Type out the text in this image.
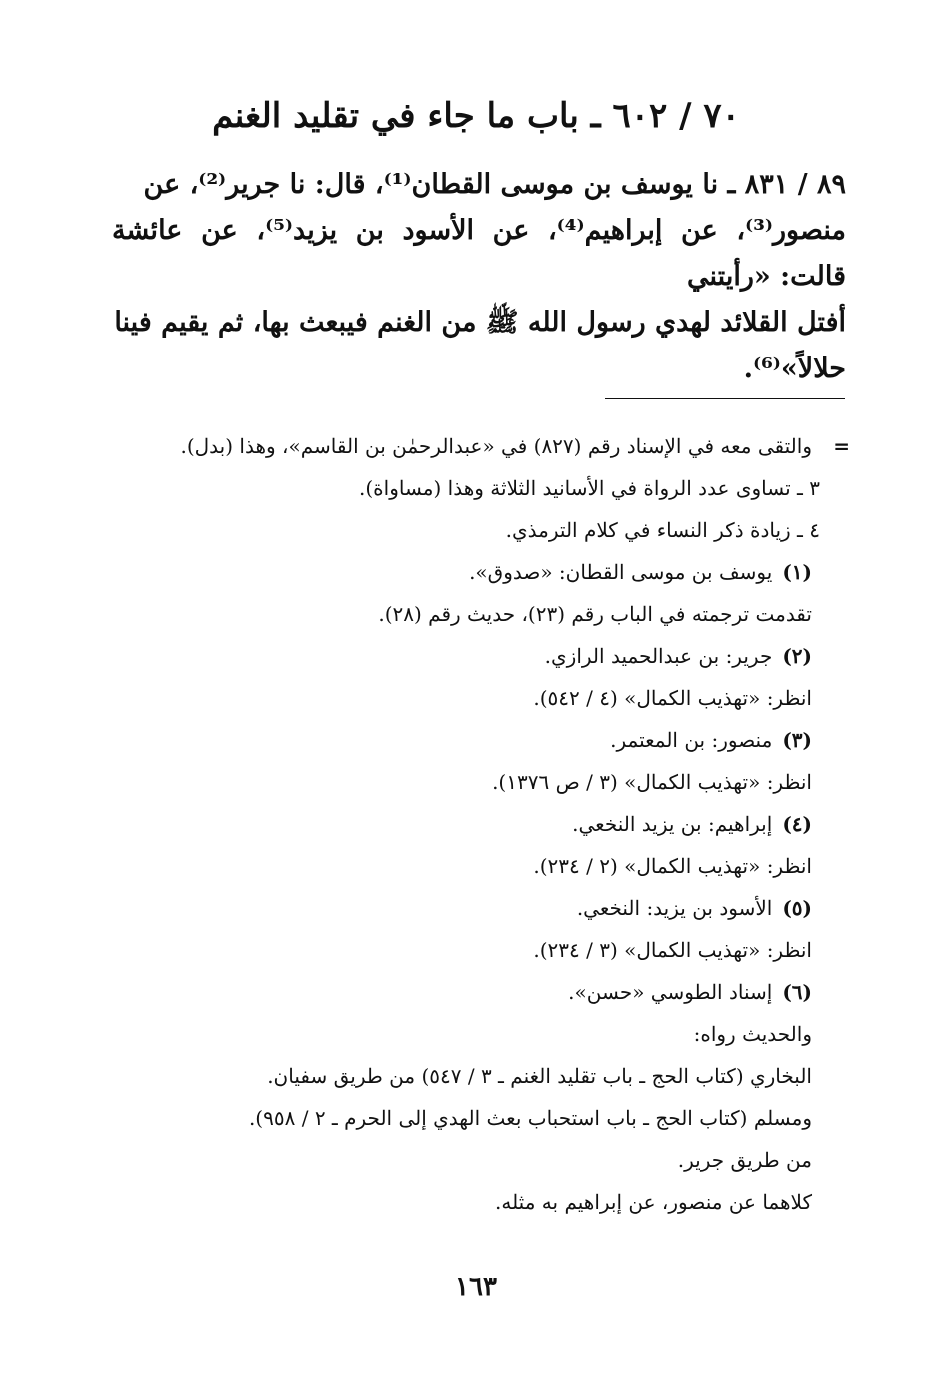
٧٠ / ٦٠٢ ـ باب ما جاء في تقليد الغنم

٨٩ / ٨٣١ ـ نا يوسف بن موسى القطان⁽¹⁾، قال: نا جرير⁽²⁾، عن

منصور⁽³⁾، عن إبراهيم⁽⁴⁾، عن الأسود بن يزيد⁽⁵⁾، عن عائشة قالت: «رأيتني

أفتل القلائد لهدي رسول الله ﷺ من الغنم فيبعث بها، ثم يقيم فينا

حلالاً»⁽⁶⁾.

=
والتقى معه في الإسناد رقم (٨٢٧) في «عبدالرحمٰن بن القاسم»، وهذا (بدل).
٣ ـ تساوى عدد الرواة في الأسانيد الثلاثة وهذا (مساواة).
٤ ـ زيادة ذكر النساء في كلام الترمذي.
(١)
يوسف بن موسى القطان: «صدوق».
تقدمت ترجمته في الباب رقم (٢٣)، حديث رقم (٢٨).
(٢)
جرير: بن عبدالحميد الرازي.
انظر: «تهذيب الكمال» (٤ / ٥٤٢).
(٣)
منصور: بن المعتمر.
انظر: «تهذيب الكمال» (٣ / ص ١٣٧٦).
(٤)
إبراهيم: بن يزيد النخعي.
انظر: «تهذيب الكمال» (٢ / ٢٣٤).
(٥)
الأسود بن يزيد: النخعي.
انظر: «تهذيب الكمال» (٣ / ٢٣٤).
(٦)
إسناد الطوسي «حسن».
والحديث رواه:
البخاري (كتاب الحج ـ باب تقليد الغنم ـ ٣ / ٥٤٧) من طريق سفيان.
ومسلم (كتاب الحج ـ باب استحباب بعث الهدي إلى الحرم ـ ٢ / ٩٥٨).
من طريق جرير.
كلاهما عن منصور، عن إبراهيم به مثله.
١٦٣
